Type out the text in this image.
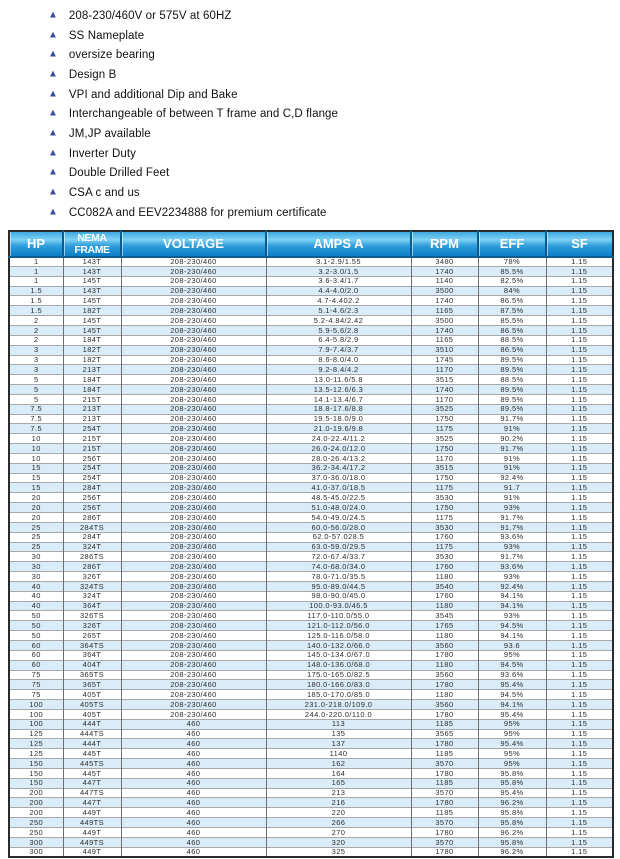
▲ 208-230/460V or 575V at 60HZ
▲ SS Nameplate
▲ oversize bearing
▲ Design B
▲ VPI and additional Dip and Bake
▲ Interchangeable of between T frame and C,D flange
▲ JM,JP available
▲ Inverter Duty
▲ Double Drilled Feet
▲ CSA c and us
▲ CC082A and EEV2234888 for premium certificate
HP	NEMA FRAME	VOLTAGE	AMPS A	RPM	EFF	SF
1	143T	208-230/460	3.1-2.9/1.55	3480	78%	1.15
1	143T	208-230/460	3.2-3.0/1.5	1740	85.5%	1.15
1	145T	208-230/460	3.6-3.4/1.7	1140	82.5%	1.15
1.5	143T	208-230/460	4.4-4.0/2.0	3500	84%	1.15
1.5	145T	208-230/460	4.7-4.402.2	1740	86.5%	1.15
1.5	182T	208-230/460	5.1-4.6/2.3	1165	87.5%	1.15
2	145T	208-230/460	5.2-4.84/2.42	3500	85.5%	1.15
2	145T	208-230/460	5.9-5.6/2.8	1740	86.5%	1.15
2	184T	208-230/460	6.4-5.8/2.9	1165	88.5%	1.15
3	182T	208-230/460	7.9-7.4/3.7	3510	86.5%	1.15
3	182T	208-230/460	8.6-8.0/4.0	1745	89.5%	1.15
3	213T	208-230/460	9.2-8.4/4.2	1170	89.5%	1.15
5	184T	208-230/460	13.0-11.6/5.8	3515	88.5%	1.15
5	184T	208-230/460	13.5-12.6/6.3	1740	89.5%	1.15
5	215T	208-230/460	14.1-13.4/6.7	1170	89.5%	1.15
7.5	213T	208-230/460	18.8-17.6/8.8	3525	89.5%	1.15
7.5	213T	208-230/460	19.5-18.0/9.0	1750	91.7%	1.15
7.5	254T	208-230/460	21.0-19.6/9.8	1175	91%	1.15
10	215T	208-230/460	24.0-22.4/11.2	3525	90.2%	1.15
10	215T	208-230/460	26.0-24.0/12.0	1750	91.7%	1.15
10	256T	208-230/460	28.0-26.4/13.2	1170	91%	1.15
15	254T	208-230/460	36.2-34.4/17.2	3515	91%	1.15
15	254T	208-230/460	37.0-36.0/18.0	1750	92.4%	1.15
15	284T	208-230/460	41.0-37.0/18.5	1175	91.7	1.15
20	256T	208-230/460	48.5-45.0/22.5	3530	91%	1.15
20	256T	208-230/460	51.0-48.0/24.0	1750	93%	1.15
20	286T	208-230/460	54.0-49.0/24.5	1175	91.7%	1.15
25	284TS	208-230/460	60.0-56.0/28.0	3530	91.7%	1.15
25	284T	208-230/460	62.0-57.028.5	1760	93.6%	1.15
25	324T	208-230/460	63.0-59.0/29.5	1175	93%	1.15
30	286TS	208-230/460	72.0-67.4/33.7	3530	91.7%	1.15
30	286T	208-230/460	74.0-68.0/34.0	1760	93.6%	1.15
30	326T	208-230/460	78.0-71.0/35.5	1180	93%	1.15
40	324TS	208-230/460	95.0-89.0/44.5	3540	92.4%	1.15
40	324T	208-230/460	98.0-90.0/45.0	1760	94.1%	1.15
40	364T	208-230/460	100.0-93.0/46.5	1180	94.1%	1.15
50	326TS	208-230/460	117.0-110.0/55.0	3545	93%	1.15
50	326T	208-230/460	121.0-112.0/56.0	1765	94.5%	1.15
50	265T	208-230/460	125.0-116.0/58.0	1180	94.1%	1.15
60	364TS	208-230/460	140.0-132.0/66.0	3560	93.6	1.15
60	364T	208-230/460	145.0-134.0/67.0	1780	95%	1.15
60	404T	208-230/460	148.0-136.0/68.0	1180	94.5%	1.15
75	365TS	208-230/460	175.0-165.0/82.5	3560	93.6%	1.15
75	365T	208-230/460	180.0-166.0/83.0	1780	95.4%	1.15
75	405T	208-230/460	185.0-170.0/85.0	1180	94.5%	1.15
100	405TS	208-230/460	231.0-218.0/109.0	3560	94.1%	1.15
100	405T	208-230/460	244.0-220.0/110.0	1780	95.4%	1.15
100	444T	460	113	1185	95%	1.15
125	444TS	460	135	3565	95%	1.15
125	444T	460	137	1780	95.4%	1.15
125	445T	460	1140	1185	95%	1.15
150	445TS	460	162	3570	95%	1.15
150	445T	460	164	1780	95.8%	1.15
150	447T	460	165	1185	95.8%	1.15
200	447TS	460	213	3570	95.4%	1.15
200	447T	460	216	1780	96.2%	1.15
200	449T	460	220	1185	95.8%	1.15
250	449TS	460	266	3570	95.8%	1.15
250	449T	460	270	1780	96.2%	1.15
300	449TS	460	320	3570	95.8%	1.15
300	449T	460	325	1780	96.2%	1.15
